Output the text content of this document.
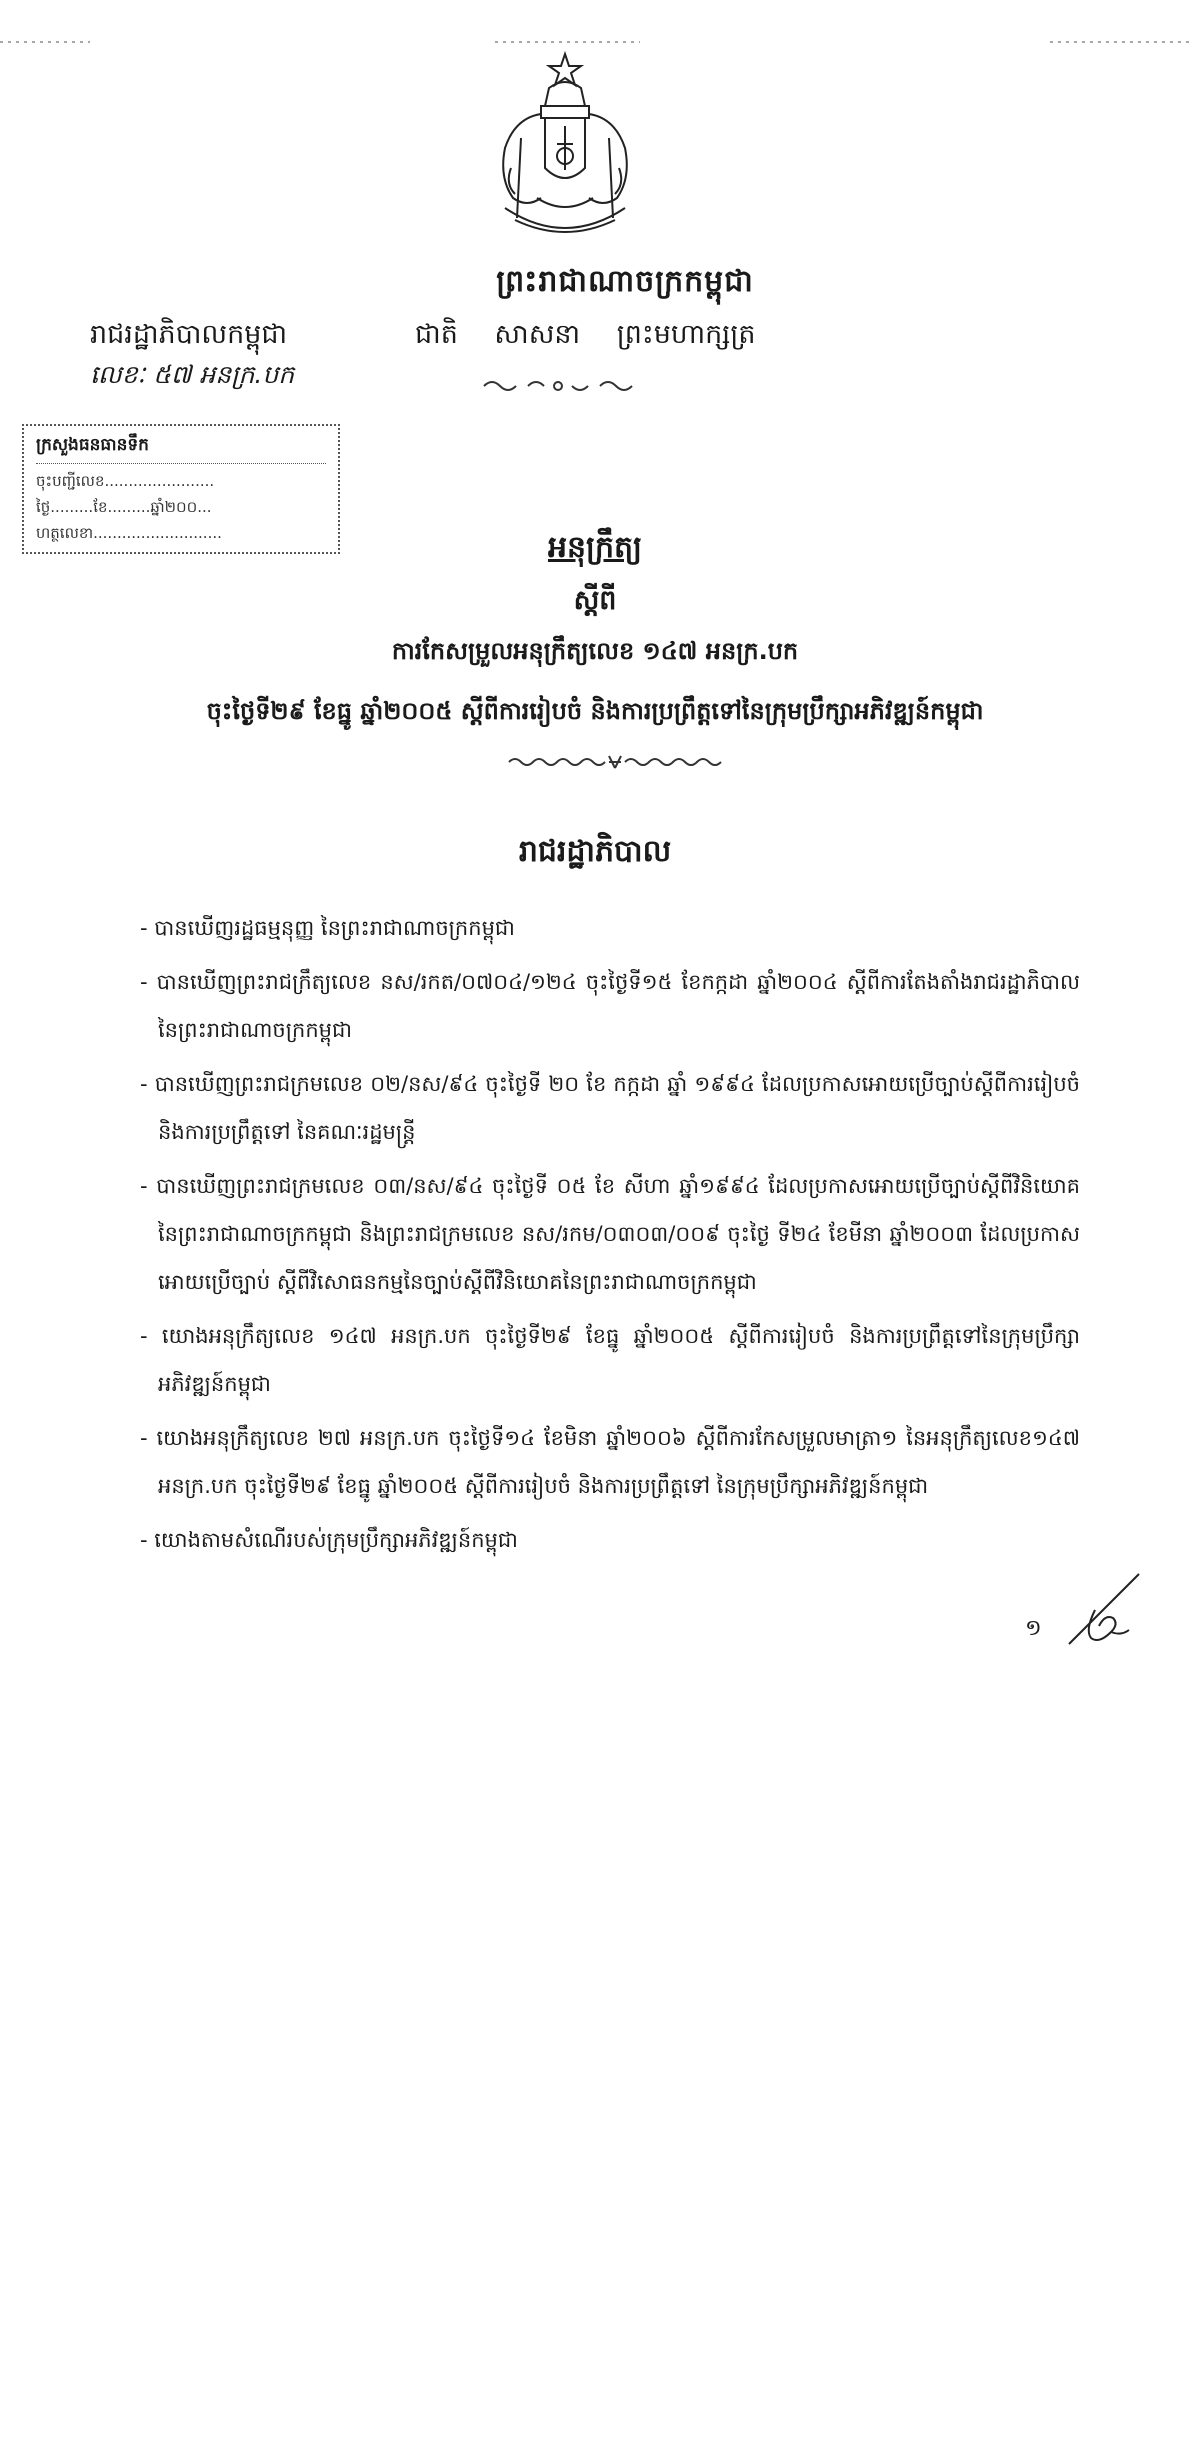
ព្រះរាជាណាចក្រកម្ពុជា
រាជរដ្ឋាភិបាលកម្ពុជា	ជាតិ សាសនា ព្រះមហាក្សត្រ
លេខៈ ៥៧ អនក្រ.បក
ក្រសួងធនធានទឹក
ចុះបញ្ជីលេខ.......................
ថ្ងៃ.........ខែ.........ឆ្នាំ២០០...
ហត្ថលេខា...........................	អនុក្រឹត្យ
ស្ដីពី
ការកែសម្រួលអនុក្រឹត្យលេខ ១៤៧ អនក្រ.បក
ចុះថ្ងៃទី២៩ ខែធ្នូ ឆ្នាំ២០០៥ ស្ដីពីការរៀបចំ និងការប្រព្រឹត្តទៅនៃក្រុមប្រឹក្សាអភិវឌ្ឍន៍កម្ពុជា
រាជរដ្ឋាភិបាល
- បានឃើញរដ្ឋធម្មនុញ្ញ នៃព្រះរាជាណាចក្រកម្ពុជា
- បានឃើញព្រះរាជក្រឹត្យលេខ នស/រកត/០៧០៤/១២៤ ចុះថ្ងៃទី១៥ ខែកក្កដា ឆ្នាំ២០០៤ ស្ដីពីការតែងតាំងរាជរដ្ឋាភិបាល នៃព្រះរាជាណាចក្រកម្ពុជា
- បានឃើញព្រះរាជក្រមលេខ ០២/នស/៩៤ ចុះថ្ងៃទី ២០ ខែ កក្កដា ឆ្នាំ ១៩៩៤ ដែលប្រកាសអោយប្រើច្បាប់ស្ដីពីការរៀបចំ និងការប្រព្រឹត្តទៅ នៃគណៈរដ្ឋមន្ត្រី
- បានឃើញព្រះរាជក្រមលេខ ០៣/នស/៩៤ ចុះថ្ងៃទី ០៥ ខែ សីហា ឆ្នាំ១៩៩៤ ដែលប្រកាសអោយប្រើច្បាប់ស្ដីពីវិនិយោគ នៃព្រះរាជាណាចក្រកម្ពុជា និងព្រះរាជក្រមលេខ នស/រកម/០៣០៣/០០៩ ចុះថ្ងៃ ទី២៤ ខែមីនា ឆ្នាំ២០០៣ ដែលប្រកាសអោយប្រើច្បាប់ ស្ដីពីវិសោធនកម្មនៃច្បាប់ស្ដីពីវិនិយោគនៃព្រះរាជាណាចក្រកម្ពុជា
- យោងអនុក្រឹត្យលេខ ១៤៧ អនក្រ.បក ចុះថ្ងៃទី២៩ ខែធ្នូ ឆ្នាំ២០០៥ ស្ដីពីការរៀបចំ និងការប្រព្រឹត្តទៅនៃក្រុមប្រឹក្សាអភិវឌ្ឍន៍កម្ពុជា
- យោងអនុក្រឹត្យលេខ ២៧ អនក្រ.បក ចុះថ្ងៃទី១៤ ខែមិនា ឆ្នាំ២០០៦ ស្ដីពីការកែសម្រួលមាត្រា១ នៃអនុក្រឹត្យលេខ១៤៧ អនក្រ.បក ចុះថ្ងៃទី២៩ ខែធ្នូ ឆ្នាំ២០០៥ ស្ដីពីការរៀបចំ និងការប្រព្រឹត្តទៅ នៃក្រុមប្រឹក្សាអភិវឌ្ឍន៍កម្ពុជា
- យោងតាមសំណើរបស់ក្រុមប្រឹក្សាអភិវឌ្ឍន៍កម្ពុជា
១
